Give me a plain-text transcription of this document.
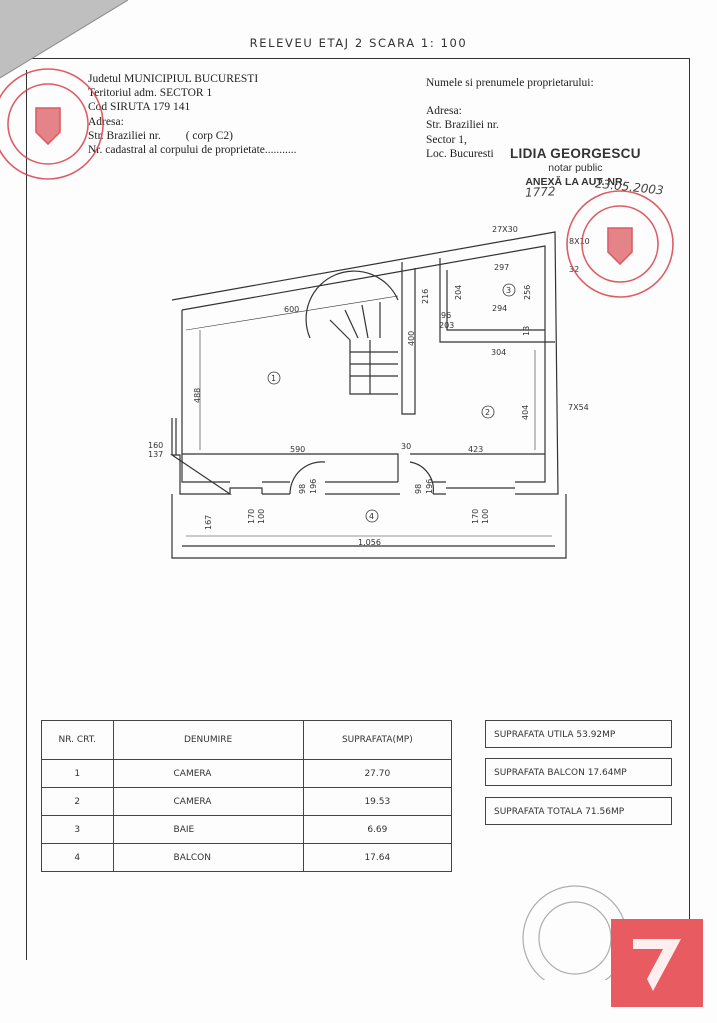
RELEVEU ETAJ 2 SCARA 1: 100
Judetul MUNICIPIUL BUCURESTI
Teritoriul adm. SECTOR 1
Cod SIRUTA 179 141
Adresa:
Str. Braziliei nr. ( corp C2)
Nr. cadastral al corpului de proprietate...........
Numele si prenumele proprietarului:
Adresa:
Str. Braziliei nr.
Sector 1,
Loc. Bucuresti	LIDIA GEORGESCU
notar public
ANEXĂ LA AUT. NR.
1772	23.05.2003
1
2
3
4
600
27X30
297
294
304
96
203
590	30	423
1,056
160
137
7X54
8X10
32
488
400
216	204	256
13
404
167	170 100	170 100
98 196	98 196
NR. CRT.	DENUMIRE	SUPRAFATA(MP)
1	CAMERA	27.70
2	CAMERA	19.53
3	BAIE	6.69
4	BALCON	17.64
SUPRAFATA UTILA 53.92MP
SUPRAFATA BALCON 17.64MP
SUPRAFATA TOTALA 71.56MP
